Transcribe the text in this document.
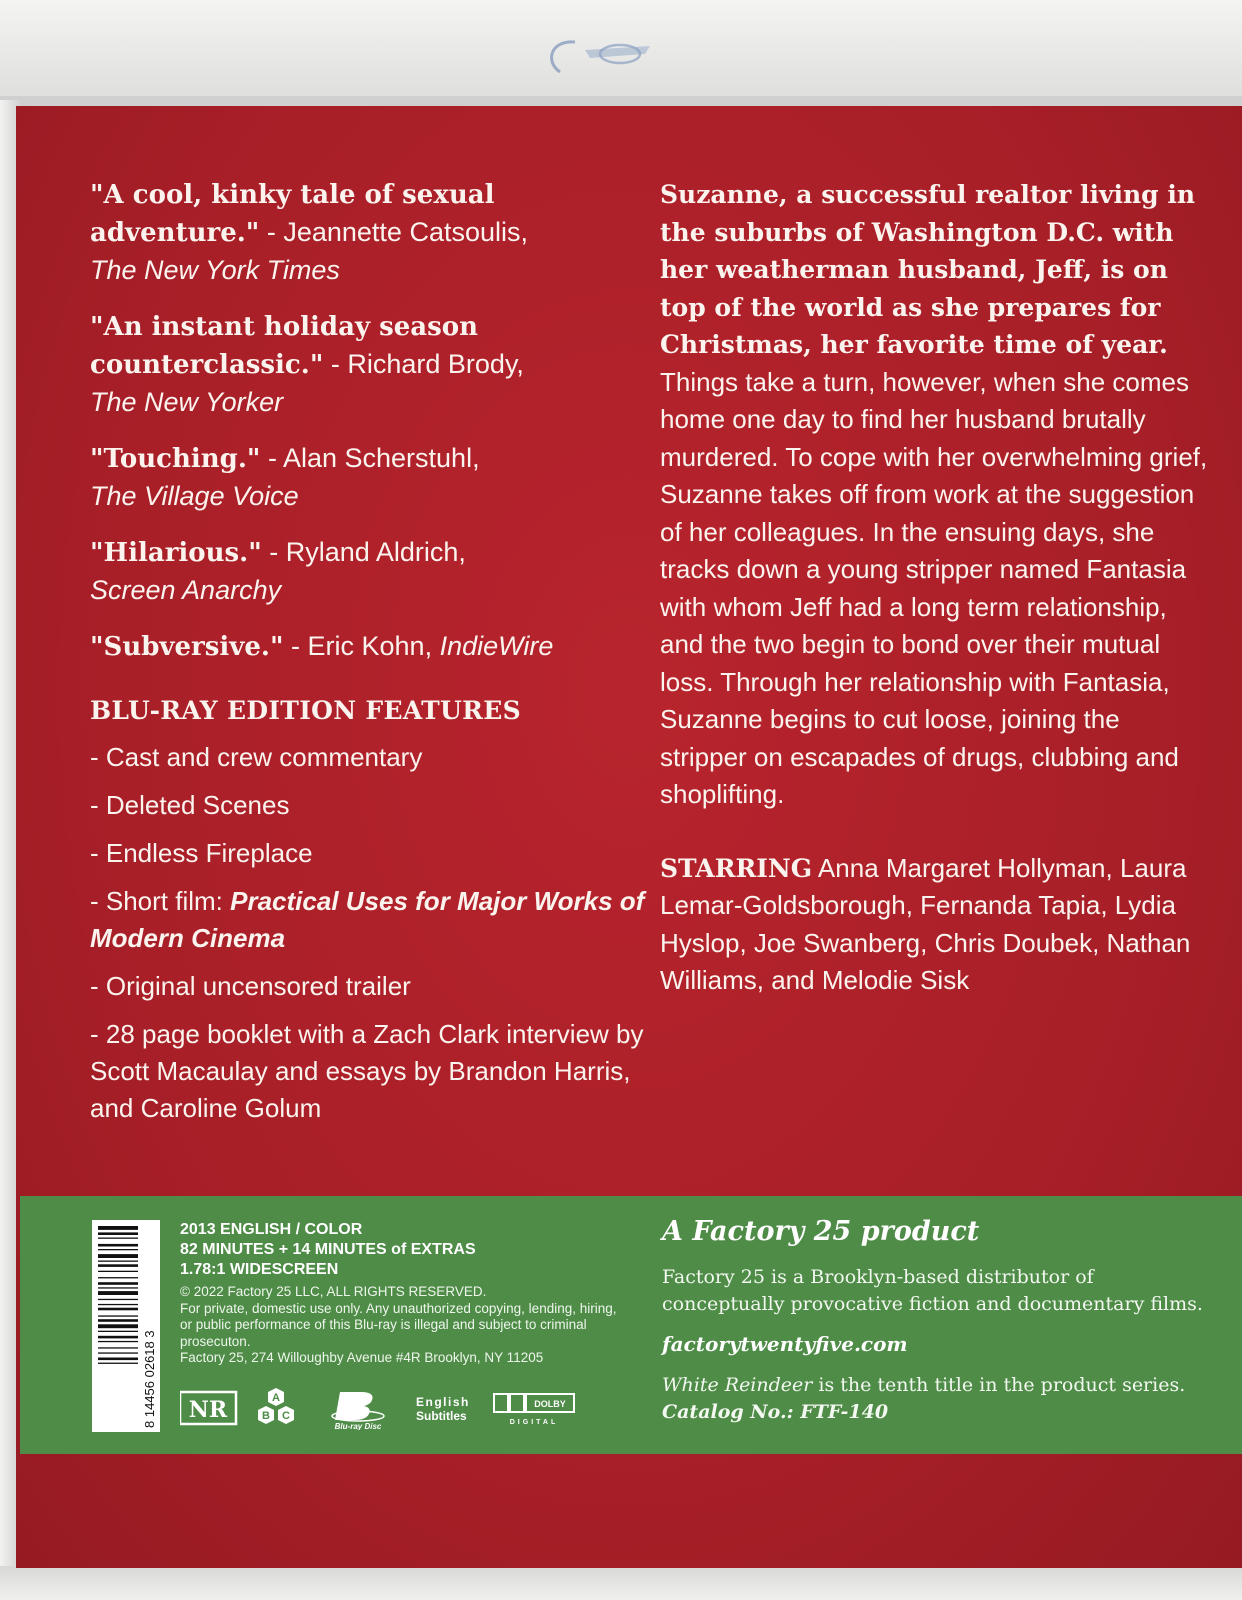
"A cool, kinky tale of sexual adventure." - Jeannette Catsoulis,
The New York Times

"An instant holiday season counterclassic." - Richard Brody,
The New Yorker

"Touching." - Alan Scherstuhl,
The Village Voice

"Hilarious." - Ryland Aldrich,
Screen Anarchy

"Subversive." - Eric Kohn, IndieWire

BLU-RAY EDITION FEATURES

- Cast and crew commentary

- Deleted Scenes

- Endless Fireplace

- Short film: Practical Uses for Major Works of Modern Cinema

- Original uncensored trailer

- 28 page booklet with a Zach Clark interview by Scott Macaulay and essays by Brandon Harris, and Caroline Golum

Suzanne, a successful realtor living in the suburbs of Washington D.C. with her weatherman husband, Jeff, is on top of the world as she prepares for Christmas, her favorite time of year. Things take a turn, however, when she comes home one day to find her husband brutally murdered. To cope with her overwhelming grief, Suzanne takes off from work at the suggestion of her colleagues. In the ensuing days, she tracks down a young stripper named Fantasia with whom Jeff had a long term relationship, and the two begin to bond over their mutual loss. Through her relationship with Fantasia, Suzanne begins to cut loose, joining the stripper on escapades of drugs, clubbing and shoplifting.

STARRING Anna Margaret Hollyman, Laura Lemar-Goldsborough, Fernanda Tapia, Lydia Hyslop, Joe Swanberg, Chris Doubek, Nathan Williams, and Melodie Sisk

8 14456 02618 3

2013 ENGLISH / COLOR

82 MINUTES + 14 MINUTES of EXTRAS

1.78:1 WIDESCREEN

© 2022 Factory 25 LLC, ALL RIGHTS RESERVED.

For private, domestic use only. Any unauthorized copying, lending, hiring, or public performance of this Blu-ray is illegal and subject to criminal prosecuton.

Factory 25, 274 Willoughby Avenue #4R Brooklyn, NY 11205

NR	A
B C
Blu-ray Disc
English
Subtitles
DOLBY
DIGITAL

A Factory 25 product

Factory 25 is a Brooklyn-based distributor of conceptually provocative fiction and documentary films.

factorytwentyfive.com

White Reindeer is the tenth title in the product series.
Catalog No.: FTF-140
